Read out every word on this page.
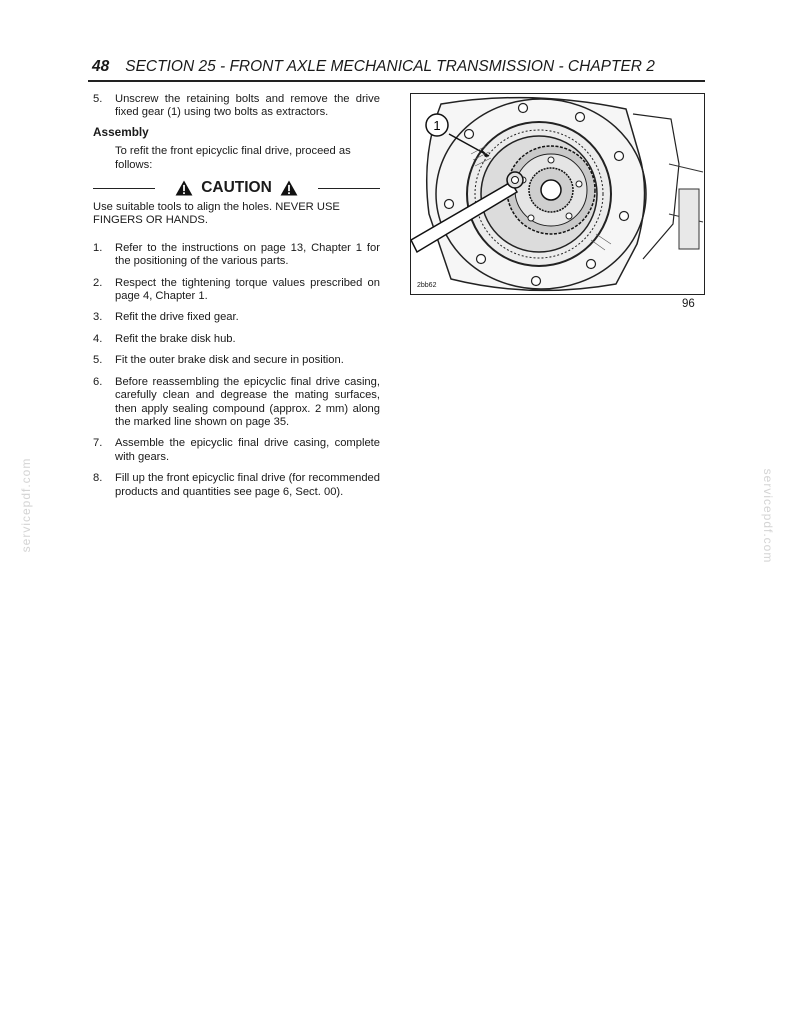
48 SECTION 25 - FRONT AXLE MECHANICAL TRANSMISSION - CHAPTER 2
5.	Unscrew the retaining bolts and remove the drive fixed gear (1) using two bolts as extractors.
Assembly
To refit the front epicyclic final drive, proceed as follows:
CAUTION
Use suitable tools to align the holes. NEVER USE FINGERS OR HANDS.
1.	Refer to the instructions on page 13, Chapter 1 for the positioning of the various parts.
2.	Respect the tightening torque values prescribed on page 4, Chapter 1.
3.	Refit the drive fixed gear.
4.	Refit the brake disk hub.
5.	Fit the outer brake disk and secure in position.
6.	Before reassembling the epicyclic final drive casing, carefully clean and degrease the mating surfaces, then apply sealing compound (approx. 2 mm) along the marked line shown on page 35.
7.	Assemble the epicyclic final drive casing, complete with gears.
8.	Fill up the front epicyclic final drive (for recommended products and quantities see page 6, Sect. 00).
1
2bb62
96
servicepdf.com	servicepdf.com
